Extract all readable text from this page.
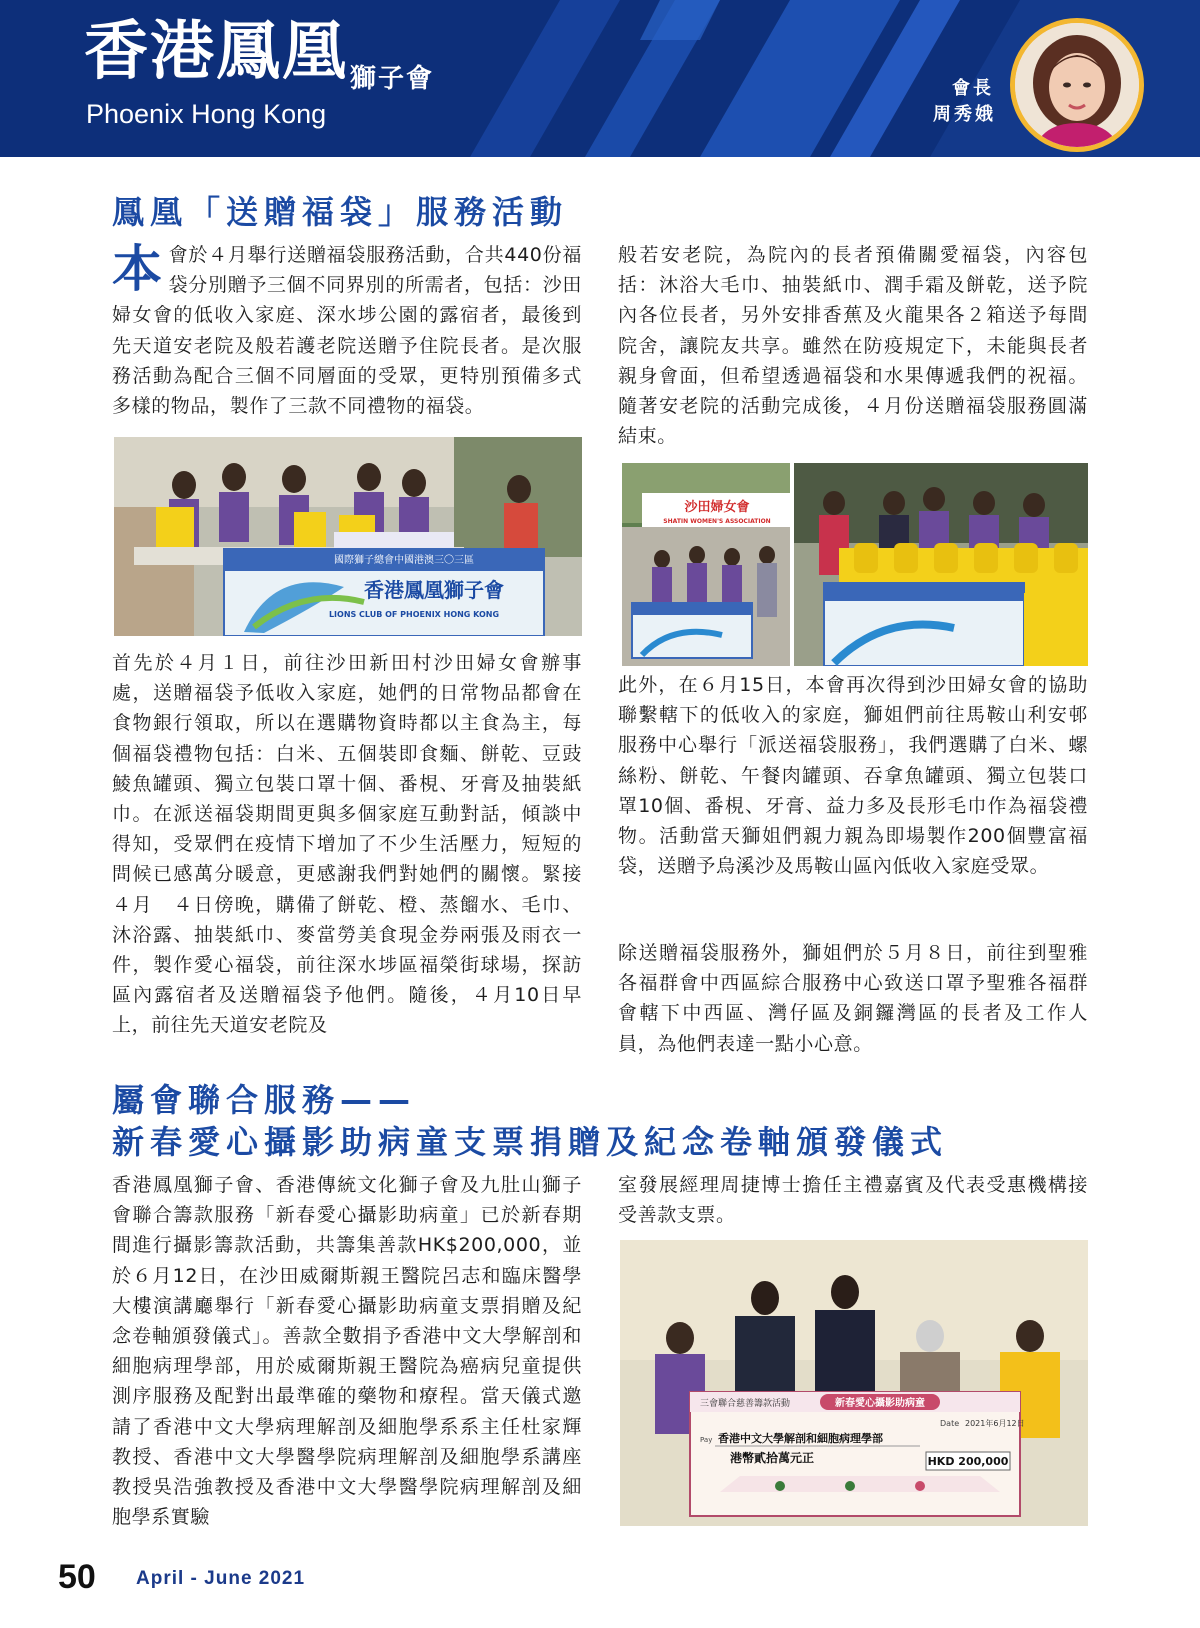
香港鳳凰 獅子會
Phoenix Hong Kong
會長
周秀娥
鳳凰「送贈福袋」服務活動
本會於４月舉行送贈福袋服務活動，合共440份福袋分別贈予三個不同界別的所需者，包括：沙田婦女會的低收入家庭、深水埗公園的露宿者，最後到先天道安老院及般若護老院送贈予住院長者。是次服務活動為配合三個不同層面的受眾，更特別預備多式多樣的物品，製作了三款不同禮物的福袋。
國際獅子總會中國港澳三〇三區
香港鳳凰獅子會
LIONS CLUB OF PHOENIX HONG KONG
首先於４月１日，前往沙田新田村沙田婦女會辦事處，送贈福袋予低收入家庭，她們的日常物品都會在食物銀行領取，所以在選購物資時都以主食為主，每個福袋禮物包括：白米、五個裝即食麵、餅乾、豆豉鯪魚罐頭、獨立包裝口罩十個、番梘、牙膏及抽裝紙巾。在派送福袋期間更與多個家庭互動對話，傾談中得知，受眾們在疫情下增加了不少生活壓力，短短的問候已感萬分暖意，更感謝我們對她們的關懷。緊接４月　４日傍晚，購備了餅乾、橙、蒸餾水、毛巾、沐浴露、抽裝紙巾、麥當勞美食現金券兩張及雨衣一件，製作愛心福袋，前往深水埗區福榮街球場，探訪區內露宿者及送贈福袋予他們。隨後，４月10日早上，前往先天道安老院及
般若安老院，為院內的長者預備關愛福袋，內容包括：沐浴大毛巾、抽裝紙巾、潤手霜及餅乾，送予院內各位長者，另外安排香蕉及火龍果各２箱送予每間院舍，讓院友共享。雖然在防疫規定下，未能與長者親身會面，但希望透過福袋和水果傳遞我們的祝福。隨著安老院的活動完成後，４月份送贈福袋服務圓滿結束。
沙田婦女會
SHATIN WOMEN'S ASSOCIATION
此外，在６月15日，本會再次得到沙田婦女會的協助聯繫轄下的低收入的家庭，獅姐們前往馬鞍山利安邨服務中心舉行「派送福袋服務」，我們選購了白米、螺絲粉、餅乾、午餐肉罐頭、吞拿魚罐頭、獨立包裝口罩10個、番梘、牙膏、益力多及長形毛巾作為福袋禮物。活動當天獅姐們親力親為即場製作200個豐富福袋，送贈予烏溪沙及馬鞍山區內低收入家庭受眾。
除送贈福袋服務外，獅姐們於５月８日，前往到聖雅各福群會中西區綜合服務中心致送口罩予聖雅各福群會轄下中西區、灣仔區及銅鑼灣區的長者及工作人員，為他們表達一點小心意。
屬會聯合服務——
新春愛心攝影助病童支票捐贈及紀念卷軸頒發儀式
香港鳳凰獅子會、香港傳統文化獅子會及九肚山獅子會聯合籌款服務「新春愛心攝影助病童」已於新春期間進行攝影籌款活動，共籌集善款HK$200,000，並於６月12日，在沙田威爾斯親王醫院呂志和臨床醫學大樓演講廳舉行「新春愛心攝影助病童支票捐贈及紀念卷軸頒發儀式」。善款全數捐予香港中文大學解剖和細胞病理學部，用於威爾斯親王醫院為癌病兒童提供測序服務及配對出最準確的藥物和療程。當天儀式邀請了香港中文大學病理解剖及細胞學系系主任杜家輝教授、香港中文大學醫學院病理解剖及細胞學系講座教授吳浩強教授及香港中文大學醫學院病理解剖及細胞學系實驗
室發展經理周捷博士擔任主禮嘉賓及代表受惠機構接受善款支票。
三會聯合慈善籌款活動	新春愛心攝影助病童
Date 2021年6月12日
Pay 香港中文大學解剖和細胞病理學部
港幣貳拾萬元正	HKD 200,000
50 April - June 2021
